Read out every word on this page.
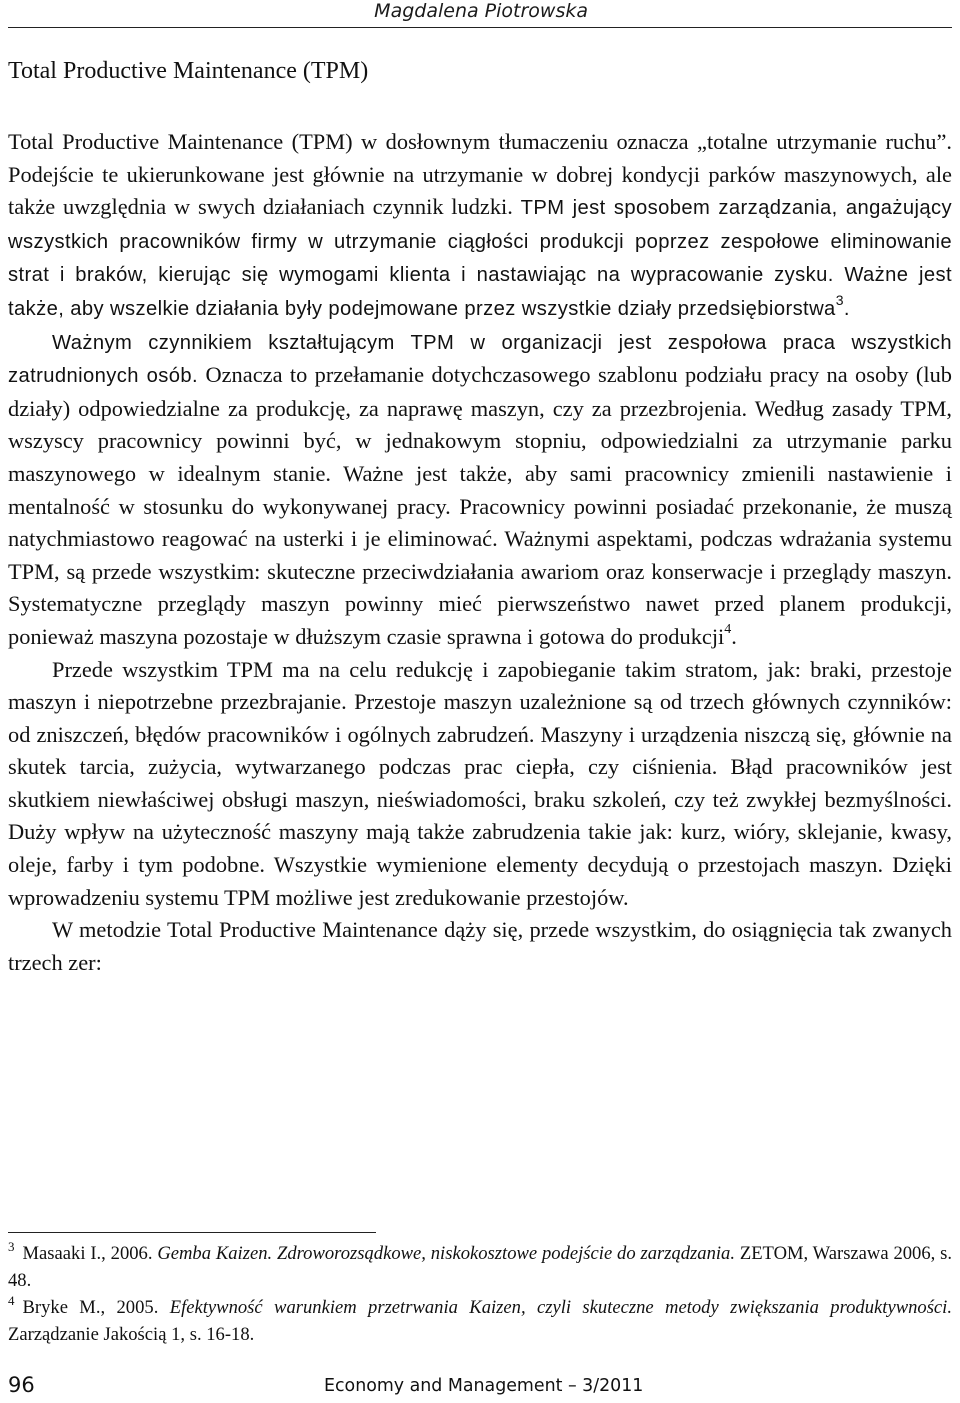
Magdalena Piotrowska
Total Productive Maintenance (TPM)

Total Productive Maintenance (TPM) w dosłownym tłumaczeniu oznacza „totalne utrzymanie ruchu”. Podejście te ukierunkowane jest głównie na utrzymanie w dobrej kondycji parków maszynowych, ale także uwzględnia w swych działaniach czynnik ludzki. TPM jest sposobem zarządzania, angażujący wszystkich pracowników firmy w utrzymanie ciągłości produkcji poprzez zespołowe eliminowanie strat i braków, kierując się wymogami klienta i nastawiając na wypracowanie zysku. Ważne jest także, aby wszelkie działania były podejmowane przez wszystkie działy przedsiębiorstwa$^3$.

Ważnym czynnikiem kształtującym TPM w organizacji jest zespołowa praca wszystkich zatrudnionych osób. Oznacza to przełamanie dotychczasowego szablonu podziału pracy na osoby (lub działy) odpowiedzialne za produkcję, za naprawę maszyn, czy za przezbrojenia. Według zasady TPM, wszyscy pracownicy powinni być, w jednakowym stopniu, odpowiedzialni za utrzymanie parku maszynowego w idealnym stanie. Ważne jest także, aby sami pracownicy zmienili nastawienie i mentalność w stosunku do wykonywanej pracy. Pracownicy powinni posiadać przekonanie, że muszą natychmiastowo reagować na usterki i je eliminować. Ważnymi aspektami, podczas wdrażania systemu TPM, są przede wszystkim: skuteczne przeciwdziałania awariom oraz konserwacje i przeglądy maszyn. Systematyczne przeglądy maszyn powinny mieć pierwszeństwo nawet przed planem produkcji, ponieważ maszyna pozostaje w dłuższym czasie sprawna i gotowa do produkcji$^4$.

Przede wszystkim TPM ma na celu redukcję i zapobieganie takim stratom, jak: braki, przestoje maszyn i niepotrzebne przezbrajanie. Przestoje maszyn uzależnione są od trzech głównych czynników: od zniszczeń, błędów pracowników i ogólnych zabrudzeń. Maszyny i urządzenia niszczą się, głównie na skutek tarcia, zużycia, wytwarzanego podczas prac ciepła, czy ciśnienia. Błąd pracowników jest skutkiem niewłaściwej obsługi maszyn, nieświadomości, braku szkoleń, czy też zwykłej bezmyślności. Duży wpływ na użyteczność maszyny mają także zabrudzenia takie jak: kurz, wióry, sklejanie, kwasy, oleje, farby i tym podobne. Wszystkie wymienione elementy decydują o przestojach maszyn. Dzięki wprowadzeniu systemu TPM możliwe jest zredukowanie przestojów.

W metodzie Total Productive Maintenance dąży się, przede wszystkim, do osiągnięcia tak zwanych trzech zer:

$^3$ Masaaki I., 2006. Gemba Kaizen. Zdroworozsądkowe, niskokosztowe podejście do zarządzania. ZETOM, Warszawa 2006, s. 48.

$^4$ Bryke M., 2005. Efektywność warunkiem przetrwania Kaizen, czyli skuteczne metody zwiększania produktywności. Zarządzanie Jakością 1, s. 16-18.

96	Economy and Management – 3/2011
